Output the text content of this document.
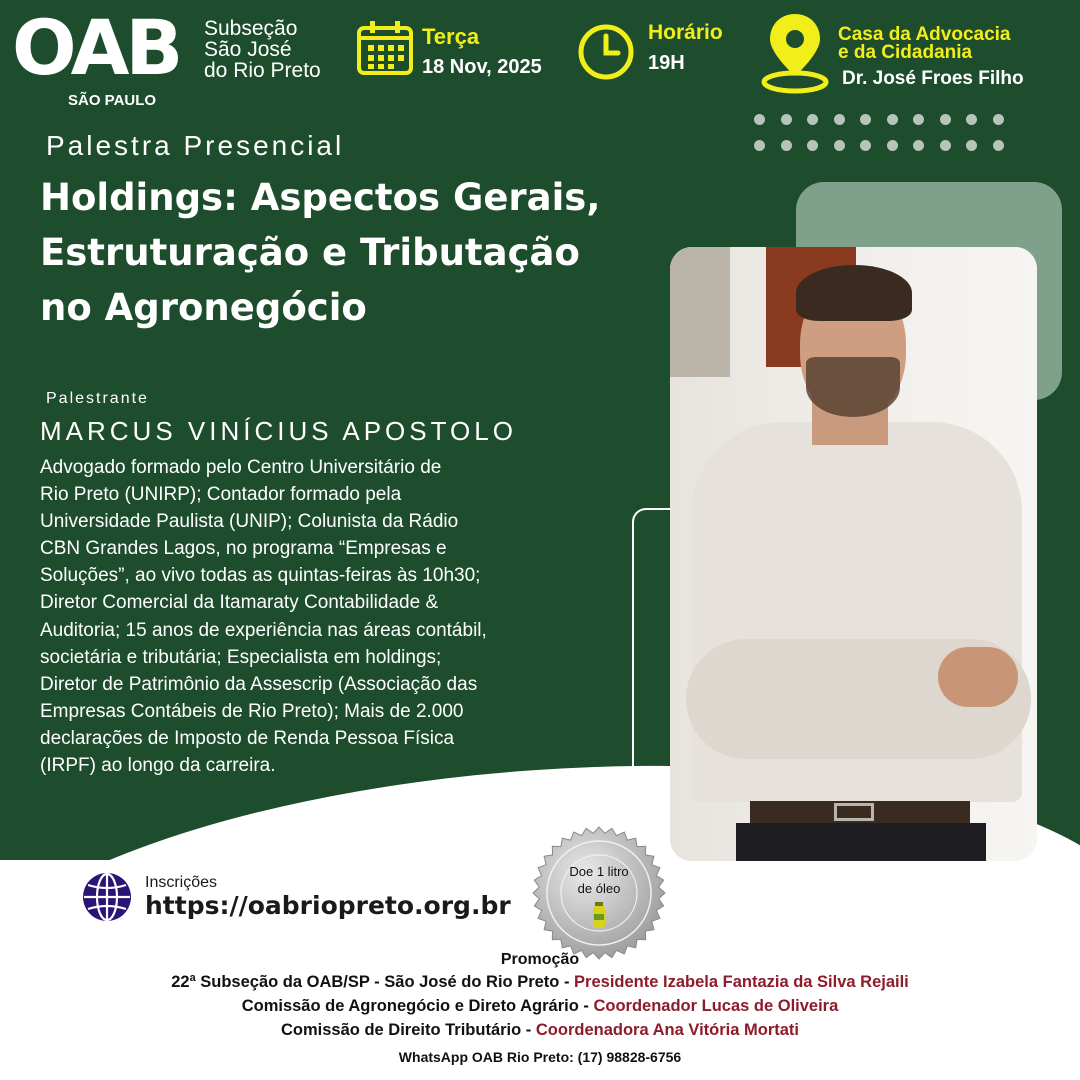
OAB
SÃO PAULO
Subseção
São José
do Rio Preto
Terça
18 Nov, 2025
Horário
19H
Casa da Advocacia
e da Cidadania
Dr. José Froes Filho
Palestra Presencial
Holdings: Aspectos Gerais,
Estruturação e Tributação
no Agronegócio
Palestrante
MARCUS VINÍCIUS APOSTOLO
Advogado formado pelo Centro Universitário de
Rio Preto (UNIRP); Contador formado pela
Universidade Paulista (UNIP); Colunista da Rádio
CBN Grandes Lagos, no programa “Empresas e
Soluções”, ao vivo todas as quintas-feiras às 10h30;
Diretor Comercial da Itamaraty Contabilidade &
Auditoria; 15 anos de experiência nas áreas contábil,
societária e tributária; Especialista em holdings;
Diretor de Patrimônio da Assescrip (Associação das
Empresas Contábeis de Rio Preto); Mais de 2.000
declarações de Imposto de Renda Pessoa Física
(IRPF) ao longo da carreira.
Inscrições
https://oabriopreto.org.br
Doe 1 litro
de óleo
Promoção
22ª Subseção da OAB/SP - São José do Rio Preto - Presidente Izabela Fantazia da Silva Rejaili
Comissão de Agronegócio e Direto Agrário - Coordenador Lucas de Oliveira
Comissão de Direito Tributário - Coordenadora Ana Vitória Mortati
WhatsApp OAB Rio Preto: (17) 98828-6756
